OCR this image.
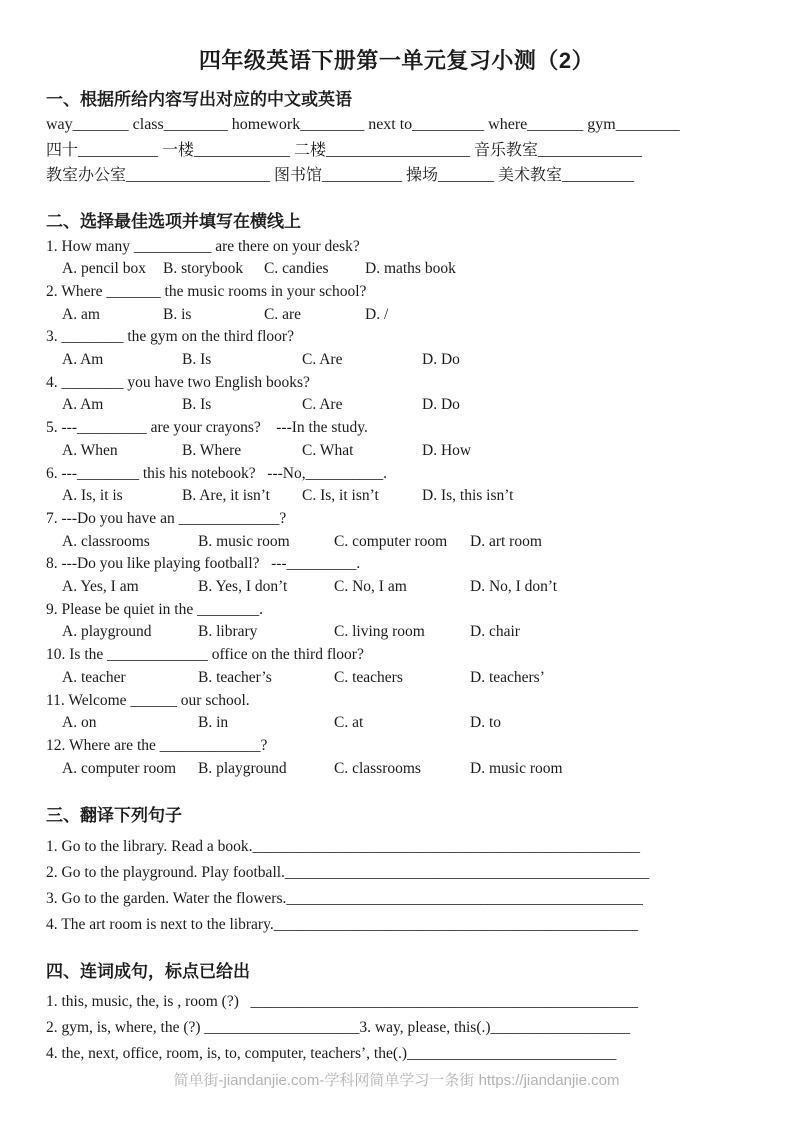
四年级英语下册第一单元复习小测（2）
一、根据所给内容写出对应的中文或英语
way_______ class________ homework________ next to_________ where_______ gym________
四十__________ 一楼____________ 二楼__________________ 音乐教室_____________
教室办公室__________________ 图书馆__________ 操场_______ 美术教室_________
二、选择最佳选项并填写在横线上
1. How many __________ are there on your desk?
A. pencil box B. storybook C. candies D. maths book
2. Where _______ the music rooms in your school?
A. am	B. is	C. are	D. /
3. ________ the gym on the third floor?
A. Am	B. Is	C. Are	D. Do
4. ________ you have two English books?
A. Am	B. Is	C. Are	D. Do
5. ---_________ are your crayons?    ---In the study.
A. When	B. Where	C. What	D. How
6. ---________ this his notebook?   ---No,__________.
A. Is, it is	B. Are, it isn’t C. Is, it isn’t	D. Is, this isn’t
7. ---Do you have an _____________?
A. classrooms	B. music room	C. computer room D. art room
8. ---Do you like playing football?   ---_________.
A. Yes, I am	B. Yes, I don’t	C. No, I am	D. No, I don’t
9. Please be quiet in the ________.
A. playground	B. library	C. living room	D. chair
10. Is the _____________ office on the third floor?
A. teacher	B. teacher’s	C. teachers	D. teachers’
11. Welcome ______ our school.
A. on	B. in	C. at	D. to
12. Where are the _____________?
A. computer room B. playground	C. classrooms	D. music room
三、翻译下列句子
1. Go to the library. Read a book.__________________________________________________
2. Go to the playground. Play football._______________________________________________
3. Go to the garden. Water the flowers.______________________________________________
4. The art room is next to the library._______________________________________________
四、连词成句，标点已给出
1. this, music, the, is , room (?)   __________________________________________________
2. gym, is, where, the (?) ____________________3. way, please, this(.)__________________
4. the, next, office, room, is, to, computer, teachers’, the(.)___________________________
简单街-jiandanjie.com-学科网简单学习一条街 https://jiandanjie.com
